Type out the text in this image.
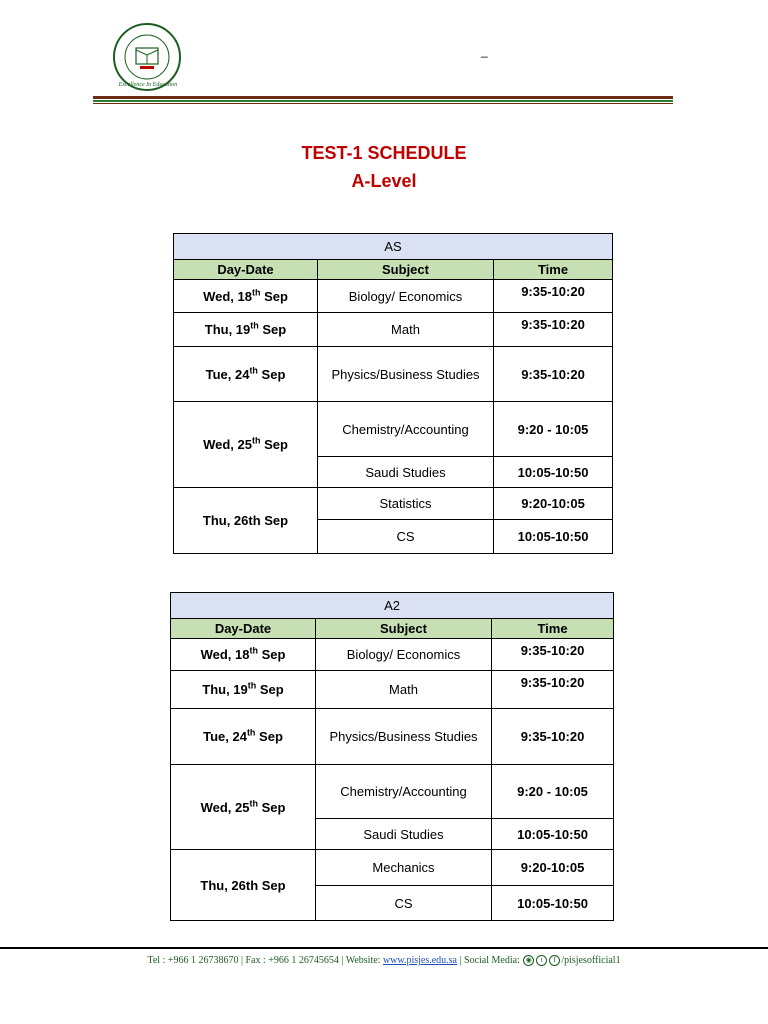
Excellence In Education
_
TEST-1 SCHEDULE
A-Level
AS		
Day-Date	Subject	Time
Wed, 18th Sep	Biology/ Economics	9:35-10:20
Thu, 19th Sep	Math	9:35-10:20
Tue, 24th Sep	Physics/Business Studies	9:35-10:20
Wed, 25th Sep	Chemistry/Accounting	9:20 - 10:05
	Saudi Studies	10:05-10:50
Thu, 26th Sep	Statistics	9:20-10:05
	CS	10:05-10:50
A2		
Day-Date	Subject	Time
Wed, 18th Sep	Biology/ Economics	9:35-10:20
Thu, 19th Sep	Math	9:35-10:20
Tue, 24th Sep	Physics/Business Studies	9:35-10:20
Wed, 25th Sep	Chemistry/Accounting	9:20 - 10:05
	Saudi Studies	10:05-10:50
Thu, 26th Sep	Mechanics	9:20-10:05
	CS	10:05-10:50
Tel : +966 1 26738670 | Fax : +966 1 26745654 | Website: www.pisjes.edu.sa | Social Media: ◉ t f /pisjesofficial1
